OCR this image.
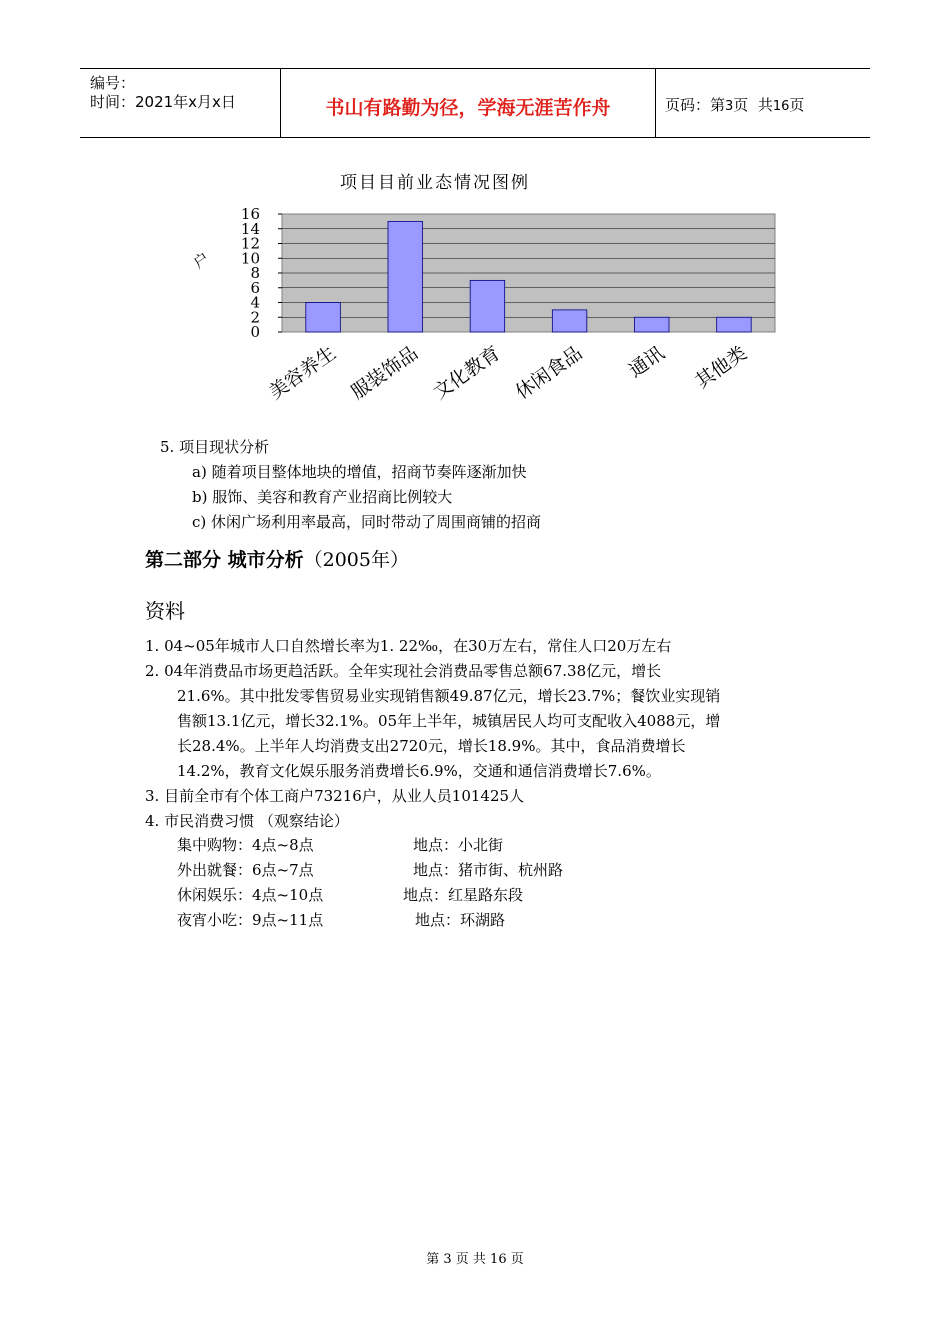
编号：
时间：2021年x月x日	书山有路勤为径，学海无涯苦作舟	页码：第3页  共16页
项目目前业态情况图例
0
2
4
6
8
10
12
14
16
户
美容养生 服装饰品 文化教育 休闲食品 通讯 其他类
5. 项目现状分析
a) 随着项目整体地块的增值，招商节奏阵逐渐加快
b) 服饰、美容和教育产业招商比例较大
c) 休闲广场利用率最高，同时带动了周围商铺的招商
第二部分 城市分析（2005年）
资料
1. 04~05年城市人口自然增长率为1. 22‰，在30万左右，常住人口20万左右
2. 04年消费品市场更趋活跃。全年实现社会消费品零售总额67.38亿元，增长
21.6%。其中批发零售贸易业实现销售额49.87亿元，增长23.7%；餐饮业实现销
售额13.1亿元，增长32.1%。05年上半年，城镇居民人均可支配收入4088元，增
长28.4%。上半年人均消费支出2720元，增长18.9%。其中，食品消费增长
14.2%，教育文化娱乐服务消费增长6.9%，交通和通信消费增长7.6%。
3. 目前全市有个体工商户73216户，从业人员101425人
4. 市民消费习惯 （观察结论）
集中购物：4点~8点	地点：小北街
外出就餐：6点~7点	地点：猪市街、杭州路
休闲娱乐：4点~10点	地点：红星路东段
夜宵小吃：9点~11点	地点：环湖路
第 3 页 共 16 页
